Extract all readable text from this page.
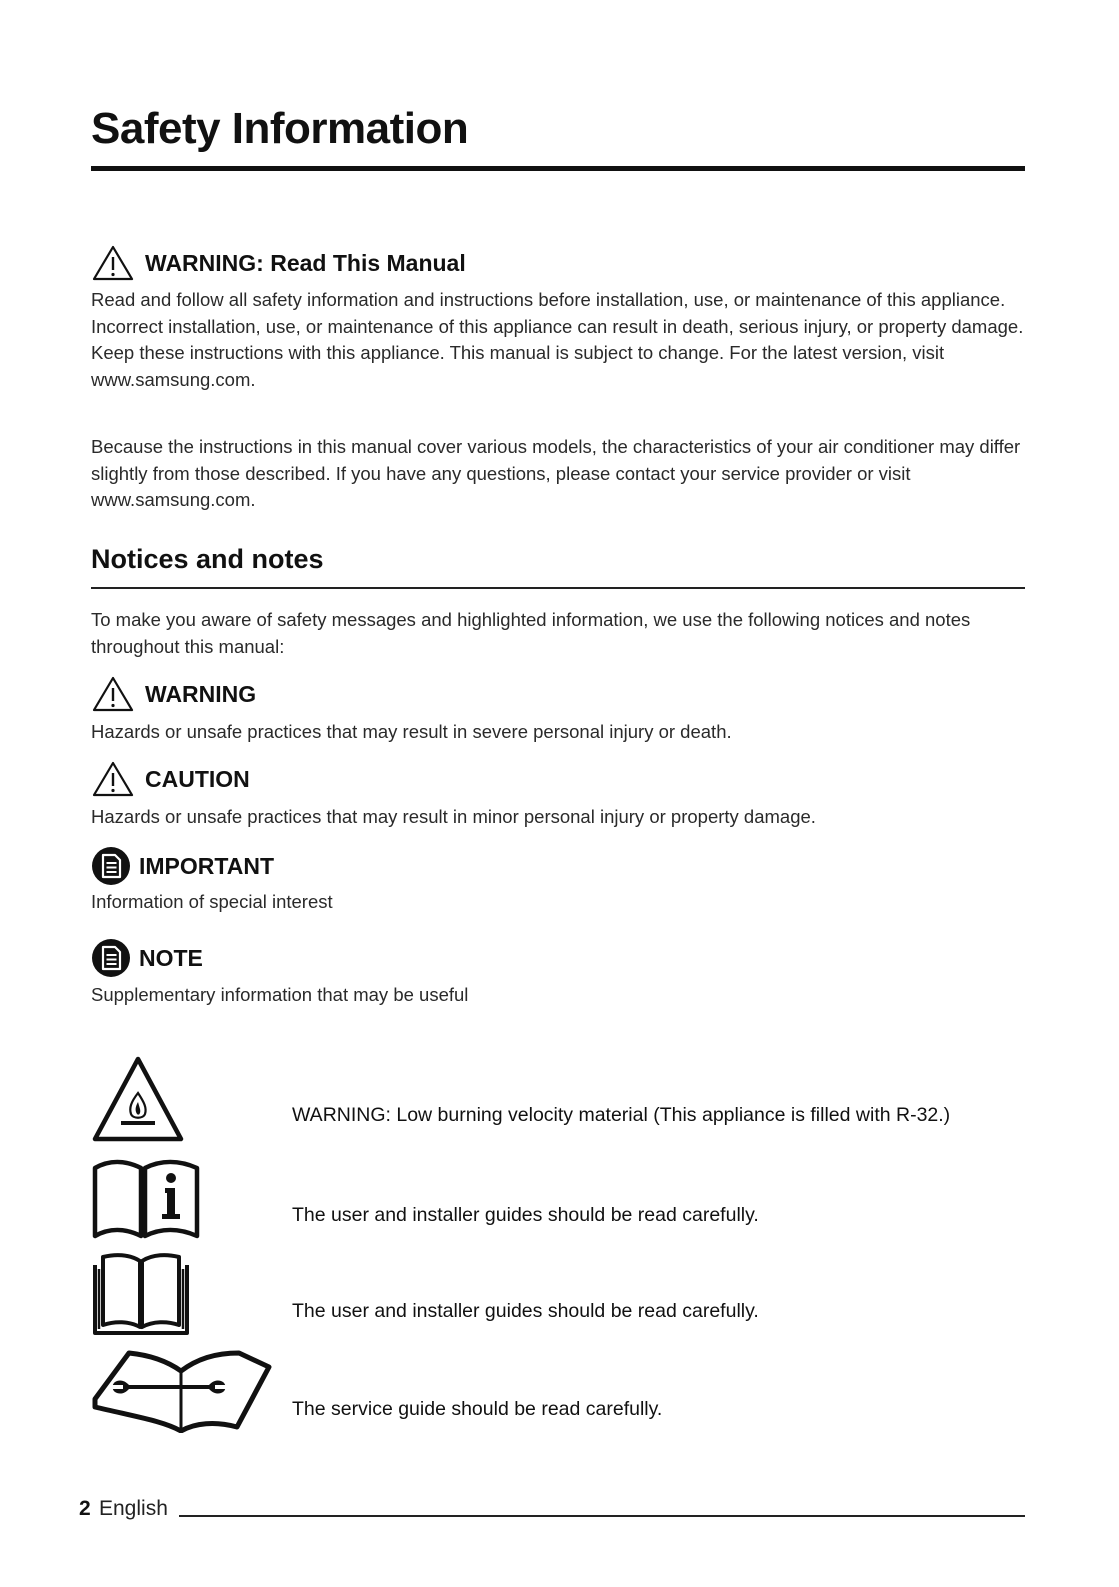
Safety Information
WARNING: Read This Manual

Read and follow all safety information and instructions before installation, use, or maintenance of this appliance. Incorrect installation, use, or maintenance of this appliance can result in death, serious injury, or property damage. Keep these instructions with this appliance. This manual is subject to change. For the latest version, visit www.samsung.com.

Because the instructions in this manual cover various models, the characteristics of your air conditioner may differ slightly from those described. If you have any questions, please contact your service provider or visit www.samsung.com.

Notices and notes

To make you aware of safety messages and highlighted information, we use the following notices and notes throughout this manual:

WARNING

Hazards or unsafe practices that may result in severe personal injury or death.

CAUTION

Hazards or unsafe practices that may result in minor personal injury or property damage.

IMPORTANT

Information of special interest

NOTE

Supplementary information that may be useful

WARNING: Low burning velocity material (This appliance is filled with R-32.)
The user and installer guides should be read carefully.
The user and installer guides should be read carefully.
The service guide should be read carefully.
2 English
